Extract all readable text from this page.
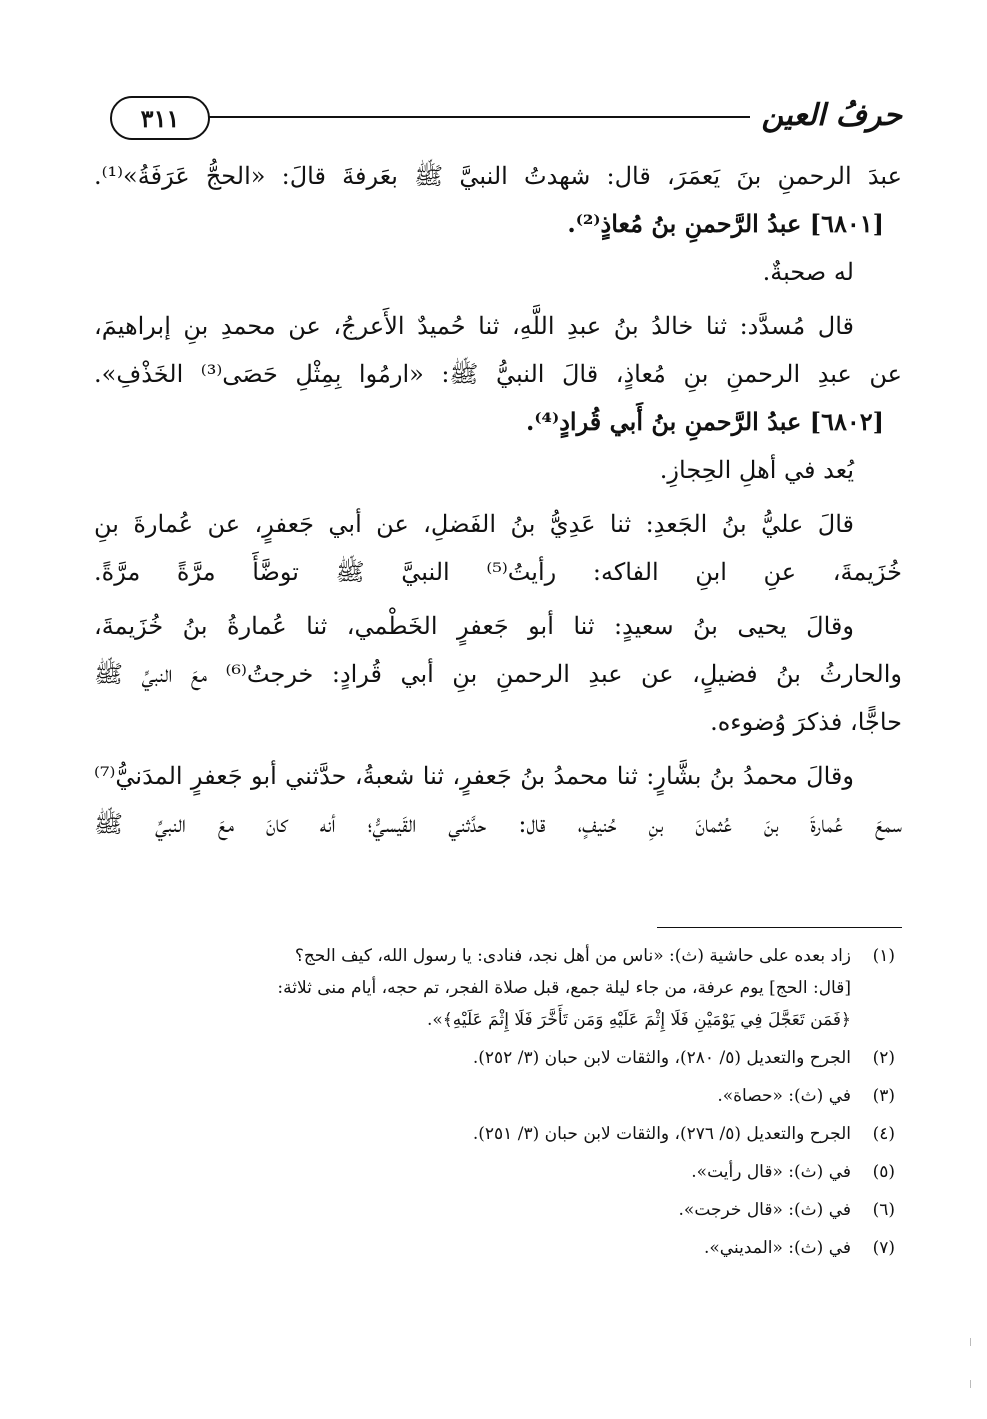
حرفُ العين
٣١١
عبدَ الرحمنِ بنَ يَعمَرَ، قال: شهدتُ النبيَّ ﷺ بعَرفةَ قالَ: «الحجُّ عَرَفَةُ»⁽¹⁾.
[٦٨٠١] عبدُ الرَّحمنِ بنُ مُعاذٍ⁽²⁾.
له صحبةٌ.
قال مُسدَّد: ثنا خالدُ بنُ عبدِ اللَّهِ، ثنا حُميدٌ الأَعرجُ، عن محمدِ بنِ إبراهيمَ،
عن عبدِ الرحمنِ بنِ مُعاذٍ، قالَ النبيُّ ﷺ: «ارمُوا بِمِثْلِ حَصَى⁽³⁾ الخَذْفِ».
[٦٨٠٢] عبدُ الرَّحمنِ بنُ أَبي قُرادٍ⁽⁴⁾.
يُعد في أهلِ الحِجازِ.
قالَ عليُّ بنُ الجَعدِ: ثنا عَدِيُّ بنُ الفَضلِ، عن أبي جَعفرٍ، عن عُمارةَ بنِ
خُزَيمةَ، عنِ ابنِ الفاكه: رأيتُ⁽⁵⁾ النبيَّ ﷺ توضَّأَ مرَّةً مرَّةً.
وقالَ يحيى بنُ سعيدٍ: ثنا أبو جَعفرٍ الخَطْمي، ثنا عُمارةُ بنُ خُزَيمةَ،
والحارثُ بنُ فضيلٍ، عن عبدِ الرحمنِ بنِ أبي قُرادٍ: خرجتُ⁽⁶⁾ معَ النبيِّ ﷺ
حاجًّا، فذكرَ وُضوءه.
وقالَ محمدُ بنُ بشَّارٍ: ثنا محمدُ بنُ جَعفرٍ، ثنا شعبةُ، حدَّثني أبو جَعفرٍ المدَنيُّ⁽⁷⁾
سمعَ عُمارةَ بنَ عُثمانَ بنِ حُنيفٍ، قال: حدَّثني القَيسيُّ؛ أنه كانَ معَ النبيِّ ﷺ
(١)
زاد بعده على حاشية (ث): «ناس من أهل نجد، فنادى: يا رسول الله، كيف الحج؟
[قال: الحج] يوم عرفة، من جاء ليلة جمع، قبل صلاة الفجر، تم حجه، أيام منى ثلاثة:
﴿فَمَن تَعَجَّلَ فِي يَوْمَيْنِ فَلَا إِثْمَ عَلَيْهِ وَمَن تَأَخَّرَ فَلَا إِثْمَ عَلَيْهِ﴾».
(٢)
الجرح والتعديل (٥/ ٢٨٠)، والثقات لابن حبان (٣/ ٢٥٢).
(٣)
في (ث): «حصاة».
(٤)
الجرح والتعديل (٥/ ٢٧٦)، والثقات لابن حبان (٣/ ٢٥١).
(٥)
في (ث): «قال رأيت».
(٦)
في (ث): «قال خرجت».
(٧)
في (ث): «المديني».
